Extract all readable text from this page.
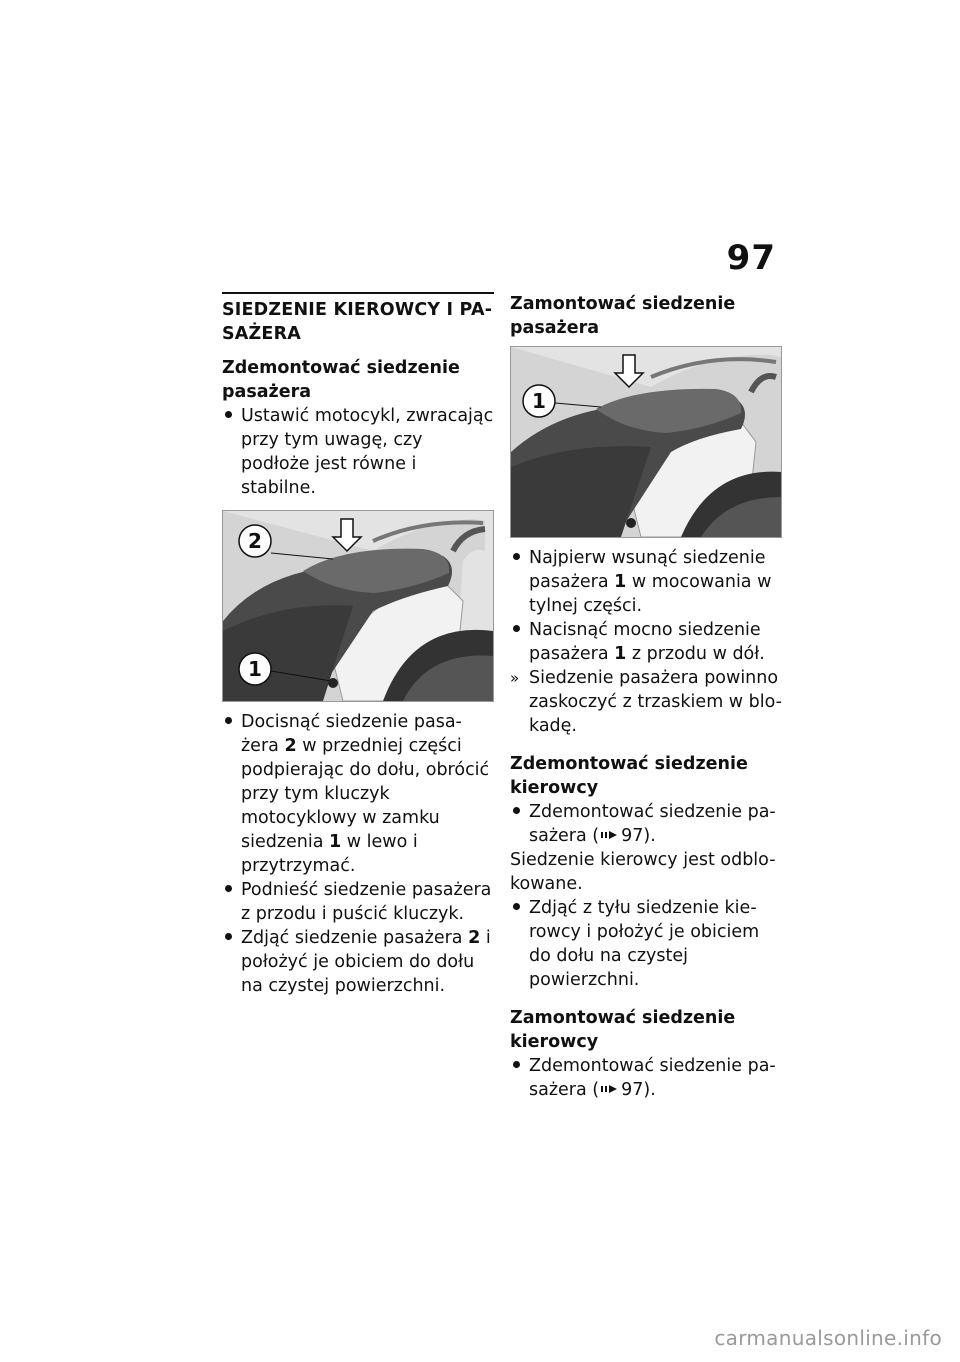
97
SIEDZENIE KIEROWCY I PA-
SAŻERA
Zdemontować siedzenie
pasażera
Ustawić motocykl, zwracając przy tym uwagę, czy podłoże jest równe i stabilne.
2
1
Docisnąć siedzenie pasa-żera 2 w przedniej części podpierając do dołu, obrócić przy tym kluczyk motocyklowy w zamku siedzenia 1 w lewo i przytrzymać.
Podnieść siedzenie pasażera z przodu i puścić kluczyk.
Zdjąć siedzenie pasażera 2 i położyć je obiciem do dołu na czystej powierzchni.
Zamontować siedzenie
pasażera
1
Najpierw wsunąć siedzenie pasażera 1 w mocowania w tylnej części.
Nacisnąć mocno siedzenie pasażera 1 z przodu w dół.
» Siedzenie pasażera powinno zaskoczyć z trzaskiem w blo-kadę.
Zdemontować siedzenie
kierowcy
Zdemontować siedzenie pa-sażera ( 97).
Siedzenie kierowcy jest odblo-kowane.
Zdjąć z tyłu siedzenie kie-rowcy i położyć je obiciem do dołu na czystej powierzchni.
Zamontować siedzenie
kierowcy
Zdemontować siedzenie pa-sażera ( 97).
carmanualsonline.info
